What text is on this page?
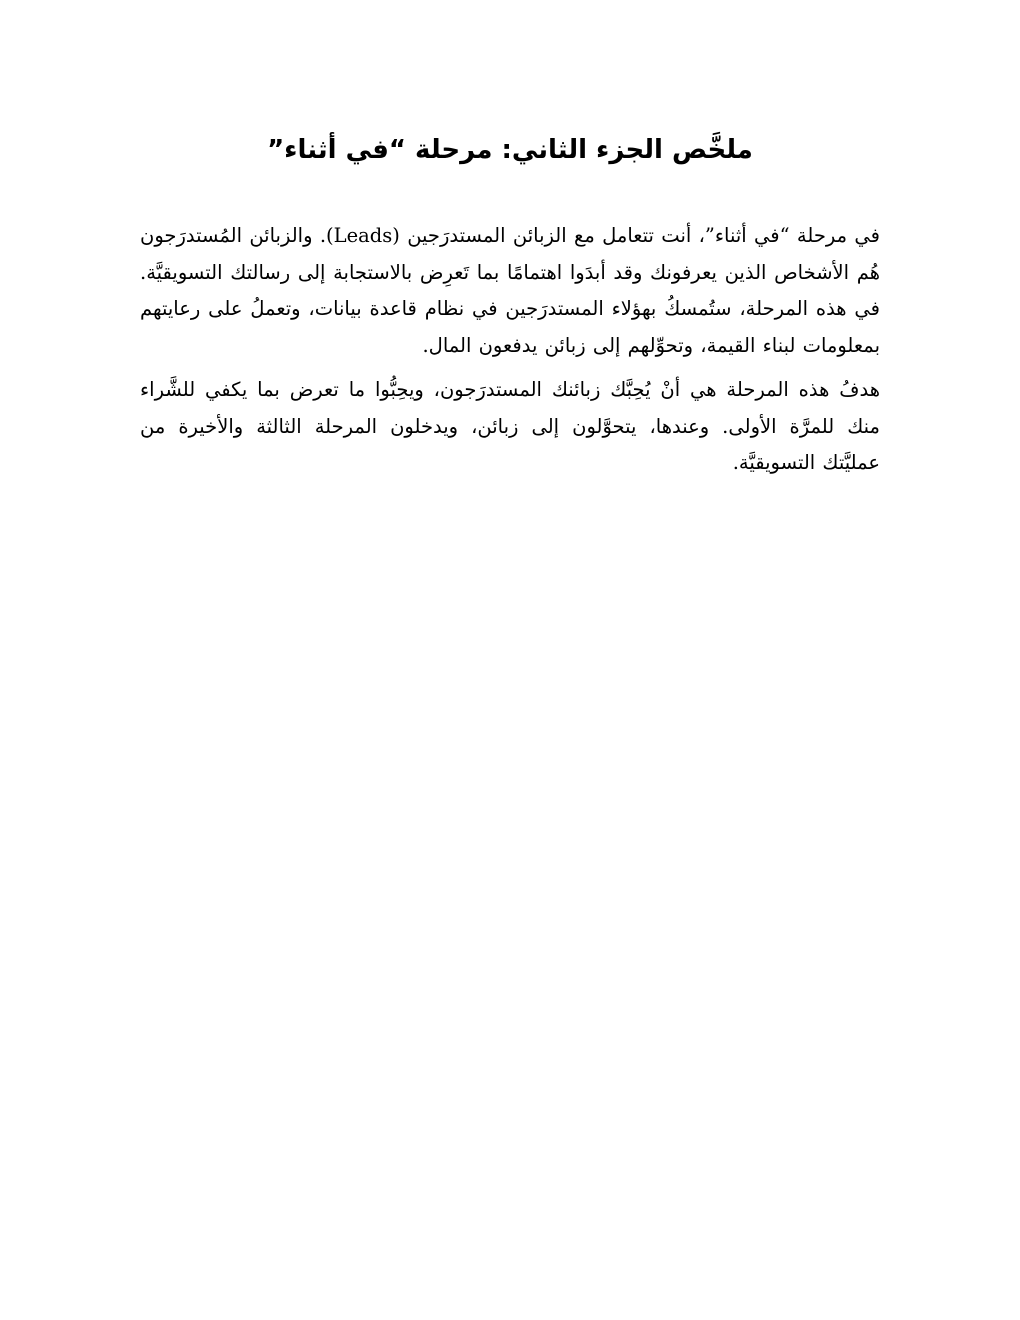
ملخَّص الجزء الثاني: مرحلة “في أثناء”

في مرحلة “في أثناء”، أنت تتعامل مع الزبائن المستدرَجين (Leads). والزبائن المُستدرَجون هُم الأشخاص الذين يعرفونك وقد أبدَوا اهتمامًا بما تَعرِض بالاستجابة إلى رسالتك التسويقيَّة. في هذه المرحلة، ستُمسكُ بهؤلاء المستدرَجين في نظام قاعدة بيانات، وتعملُ على رعايتهم بمعلومات لبناء القيمة، وتحوِّلهم إلى زبائن يدفعون المال.

هدفُ هذه المرحلة هي أنْ يُحِبَّك زبائنك المستدرَجون، ويحِبُّوا ما تعرض بما يكفي للشَّراء منك للمرَّة الأولى. وعندها، يتحوَّلون إلى زبائن، ويدخلون المرحلة الثالثة والأخيرة من عمليَّتك التسويقيَّة.
